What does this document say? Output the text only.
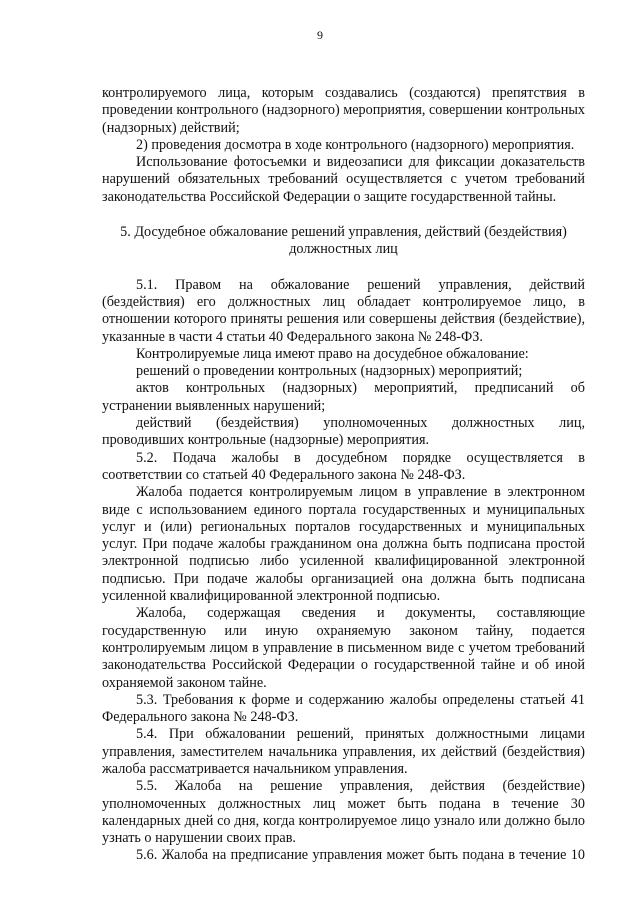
9

контролируемого лица, которым создавались (создаются) препятствия в проведении контрольного (надзорного) мероприятия, совершении контрольных (надзорных) действий;

2) проведения досмотра в ходе контрольного (надзорного) мероприятия.

Использование фотосъемки и видеозаписи для фиксации доказательств нарушений обязательных требований осуществляется с учетом требований законодательства Российской Федерации о защите государственной тайны.

5. Досудебное обжалование решений управления, действий (бездействия)
должностных лиц

5.1. Правом на обжалование решений управления, действий (бездействия) его должностных лиц обладает контролируемое лицо, в отношении которого приняты решения или совершены действия (бездействие), указанные в части 4 статьи 40 Федерального закона № 248-ФЗ.

Контролируемые лица имеют право на досудебное обжалование:

решений о проведении контрольных (надзорных) мероприятий;

актов контрольных (надзорных) мероприятий, предписаний об устранении выявленных нарушений;

действий (бездействия) уполномоченных должностных лиц, проводивших контрольные (надзорные) мероприятия.

5.2. Подача жалобы в досудебном порядке осуществляется в соответствии со статьей 40 Федерального закона № 248-ФЗ.

Жалоба подается контролируемым лицом в управление в электронном виде с использованием единого портала государственных и муниципальных услуг и (или) региональных порталов государственных и муниципальных услуг. При подаче жалобы гражданином она должна быть подписана простой электронной подписью либо усиленной квалифицированной электронной подписью. При подаче жалобы организацией она должна быть подписана усиленной квалифицированной электронной подписью.

Жалоба, содержащая сведения и документы, составляющие государственную или иную охраняемую законом тайну, подается контролируемым лицом в управление в письменном виде с учетом требований законодательства Российской Федерации о государственной тайне и об иной охраняемой законом тайне.

5.3. Требования к форме и содержанию жалобы определены статьей 41 Федерального закона № 248-ФЗ.

5.4. При обжаловании решений, принятых должностными лицами управления, заместителем начальника управления, их действий (бездействия) жалоба рассматривается начальником управления.

5.5. Жалоба на решение управления, действия (бездействие) уполномоченных должностных лиц может быть подана в течение 30 календарных дней со дня, когда контролируемое лицо узнало или должно было узнать о нарушении своих прав.

5.6. Жалоба на предписание управления может быть подана в течение 10
